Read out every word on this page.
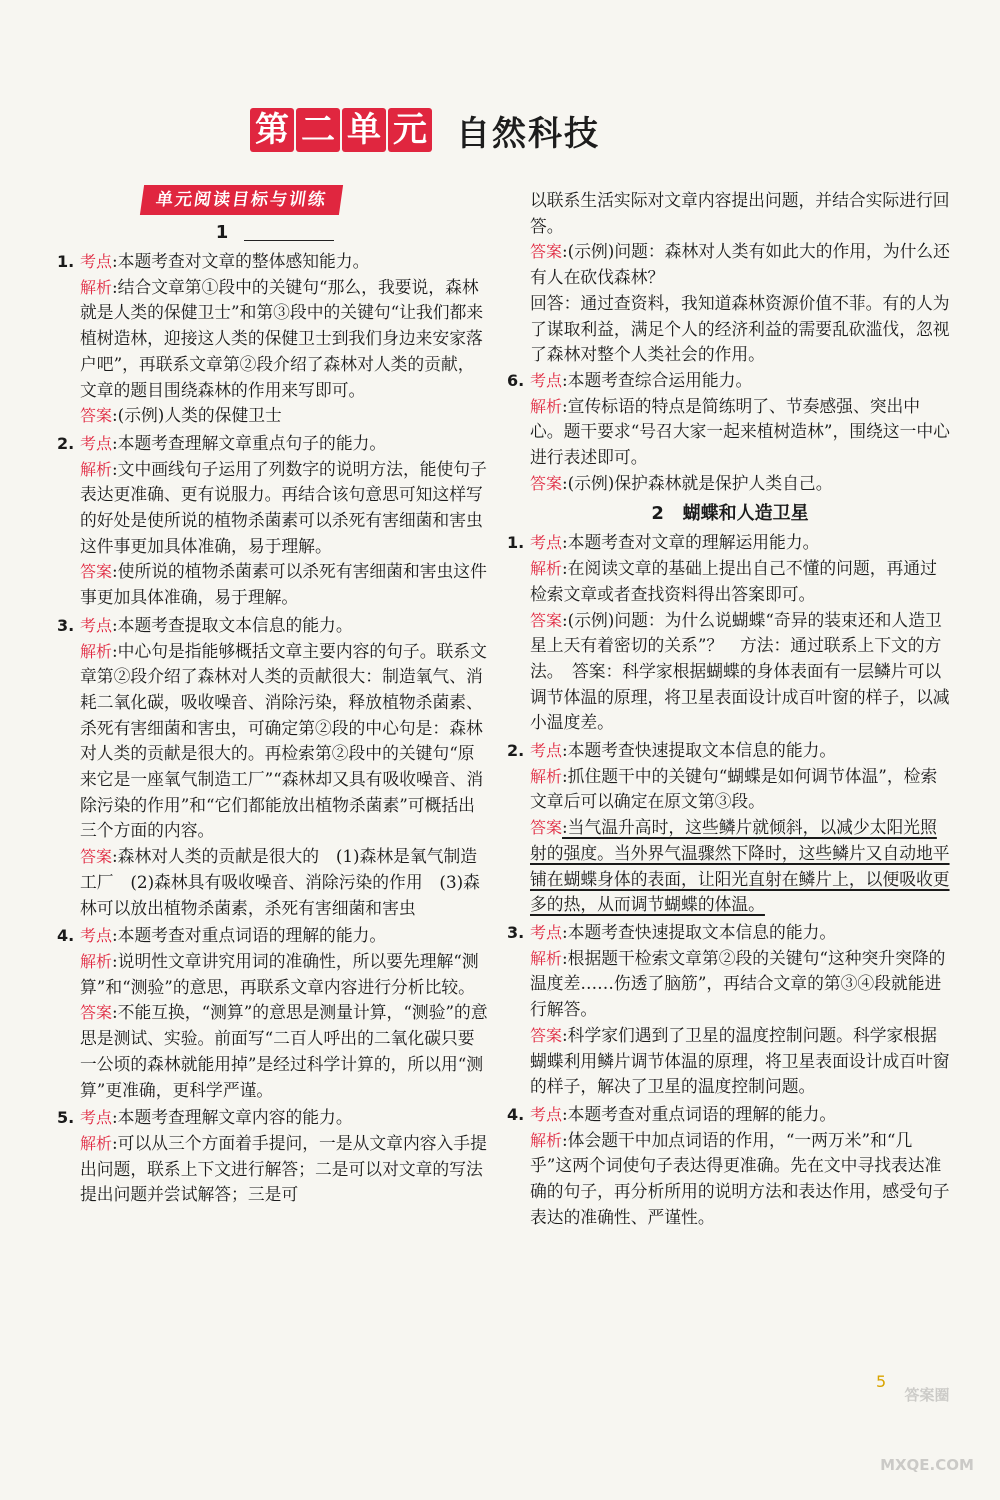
第 二 单 元 自然科技
单元阅读目标与训练
1
1. 考点:本题考查对文章的整体感知能力。
解析:结合文章第①段中的关键句“那么，我要说，森林就是人类的保健卫士”和第③段中的关键句“让我们都来植树造林，迎接这人类的保健卫士到我们身边来安家落户吧”，再联系文章第②段介绍了森林对人类的贡献，文章的题目围绕森林的作用来写即可。
答案:(示例)人类的保健卫士
2. 考点:本题考查理解文章重点句子的能力。
解析:文中画线句子运用了列数字的说明方法，能使句子表达更准确、更有说服力。再结合该句意思可知这样写的好处是使所说的植物杀菌素可以杀死有害细菌和害虫这件事更加具体准确，易于理解。
答案:使所说的植物杀菌素可以杀死有害细菌和害虫这件事更加具体准确，易于理解。
3. 考点:本题考查提取文本信息的能力。
解析:中心句是指能够概括文章主要内容的句子。联系文章第②段介绍了森林对人类的贡献很大：制造氧气、消耗二氧化碳，吸收噪音、消除污染，释放植物杀菌素、杀死有害细菌和害虫，可确定第②段的中心句是：森林对人类的贡献是很大的。再检索第②段中的关键句“原来它是一座氧气制造工厂”“森林却又具有吸收噪音、消除污染的作用”和“它们都能放出植物杀菌素”可概括出三个方面的内容。
答案:森林对人类的贡献是很大的　(1)森林是氧气制造工厂　(2)森林具有吸收噪音、消除污染的作用　(3)森林可以放出植物杀菌素，杀死有害细菌和害虫
4. 考点:本题考查对重点词语的理解的能力。
解析:说明性文章讲究用词的准确性，所以要先理解“测算”和“测验”的意思，再联系文章内容进行分析比较。
答案:不能互换，“测算”的意思是测量计算，“测验”的意思是测试、实验。前面写“二百人呼出的二氧化碳只要一公顷的森林就能用掉”是经过科学计算的，所以用“测算”更准确，更科学严谨。
5. 考点:本题考查理解文章内容的能力。
解析:可以从三个方面着手提问，一是从文章内容入手提出问题，联系上下文进行解答；二是可以对文章的写法提出问题并尝试解答；三是可
以联系生活实际对文章内容提出问题，并结合实际进行回答。
答案:(示例)问题：森林对人类有如此大的作用，为什么还有人在砍伐森林？
回答：通过查资料，我知道森林资源价值不菲。有的人为了谋取利益，满足个人的经济利益的需要乱砍滥伐，忽视了森林对整个人类社会的作用。
6. 考点:本题考查综合运用能力。
解析:宣传标语的特点是简练明了、节奏感强、突出中心。题干要求“号召大家一起来植树造林”，围绕这一中心进行表述即可。
答案:(示例)保护森林就是保护人类自己。
2 蝴蝶和人造卫星
1. 考点:本题考查对文章的理解运用能力。
解析:在阅读文章的基础上提出自己不懂的问题，再通过检索文章或者查找资料得出答案即可。
答案:(示例)问题：为什么说蝴蝶“奇异的装束还和人造卫星上天有着密切的关系”？　方法：通过联系上下文的方法。　答案：科学家根据蝴蝶的身体表面有一层鳞片可以调节体温的原理，将卫星表面设计成百叶窗的样子，以减小温度差。
2. 考点:本题考查快速提取文本信息的能力。
解析:抓住题干中的关键句“蝴蝶是如何调节体温”，检索文章后可以确定在原文第③段。
答案:当气温升高时，这些鳞片就倾斜，以减少太阳光照射的强度。当外界气温骤然下降时，这些鳞片又自动地平铺在蝴蝶身体的表面，让阳光直射在鳞片上，以便吸收更多的热，从而调节蝴蝶的体温。
3. 考点:本题考查快速提取文本信息的能力。
解析:根据题干检索文章第②段的关键句“这种突升突降的温度差……伤透了脑筋”，再结合文章的第③④段就能进行解答。
答案:科学家们遇到了卫星的温度控制问题。科学家根据蝴蝶利用鳞片调节体温的原理，将卫星表面设计成百叶窗的样子，解决了卫星的温度控制问题。
4. 考点:本题考查对重点词语的理解的能力。
解析:体会题干中加点词语的作用，“一两万米”和“几乎”这两个词使句子表达得更准确。先在文中寻找表达准确的句子，再分析所用的说明方法和表达作用，感受句子表达的准确性、严谨性。
答案圈 MXQE.COM
5
